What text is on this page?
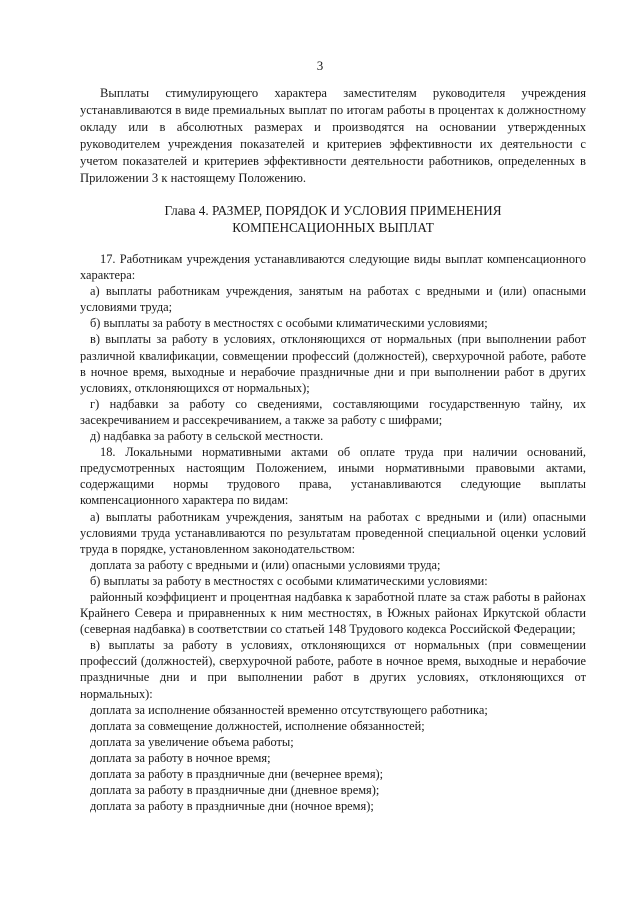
3

Выплаты стимулирующего характера заместителям руководителя учреждения устанавливаются в виде премиальных выплат по итогам работы в процентах к должностному окладу или в абсолютных размерах и производятся на основании утвержденных руководителем учреждения показателей и критериев эффективности их деятельности с учетом показателей и критериев эффективности деятельности работников, определенных в Приложении 3 к настоящему Положению.

Глава 4. РАЗМЕР, ПОРЯДОК И УСЛОВИЯ ПРИМЕНЕНИЯ
КОМПЕНСАЦИОННЫХ ВЫПЛАТ

17. Работникам учреждения устанавливаются следующие виды выплат компенсационного характера:

а) выплаты работникам учреждения, занятым на работах с вредными и (или) опасными условиями труда;

б) выплаты за работу в местностях с особыми климатическими условиями;

в) выплаты за работу в условиях, отклоняющихся от нормальных (при выполнении работ различной квалификации, совмещении профессий (должностей), сверхурочной работе, работе в ночное время, выходные и нерабочие праздничные дни и при выполнении работ в других условиях, отклоняющихся от нормальных);

г) надбавки за работу со сведениями, составляющими государственную тайну, их засекречиванием и рассекречиванием, а также за работу с шифрами;

д) надбавка за работу в сельской местности.

18. Локальными нормативными актами об оплате труда при наличии оснований, предусмотренных настоящим Положением, иными нормативными правовыми актами, содержащими нормы трудового права, устанавливаются следующие выплаты компенсационного характера по видам:

а) выплаты работникам учреждения, занятым на работах с вредными и (или) опасными условиями труда устанавливаются по результатам проведенной специальной оценки условий труда в порядке, установленном законодательством:

доплата за работу с вредными и (или) опасными условиями труда;

б) выплаты за работу в местностях с особыми климатическими условиями:

районный коэффициент и процентная надбавка к заработной плате за стаж работы в районах Крайнего Севера и приравненных к ним местностях, в Южных районах Иркутской области (северная надбавка) в соответствии со статьей 148 Трудового кодекса Российской Федерации;

в) выплаты за работу в условиях, отклоняющихся от нормальных (при совмещении профессий (должностей), сверхурочной работе, работе в ночное время, выходные и нерабочие праздничные дни и при выполнении работ в других условиях, отклоняющихся от нормальных):

доплата за исполнение обязанностей временно отсутствующего работника;

доплата за совмещение должностей, исполнение обязанностей;

доплата за увеличение объема работы;

доплата за работу в ночное время;

доплата за работу в праздничные дни (вечернее время);

доплата за работу в праздничные дни (дневное время);

доплата за работу в праздничные дни (ночное время);
